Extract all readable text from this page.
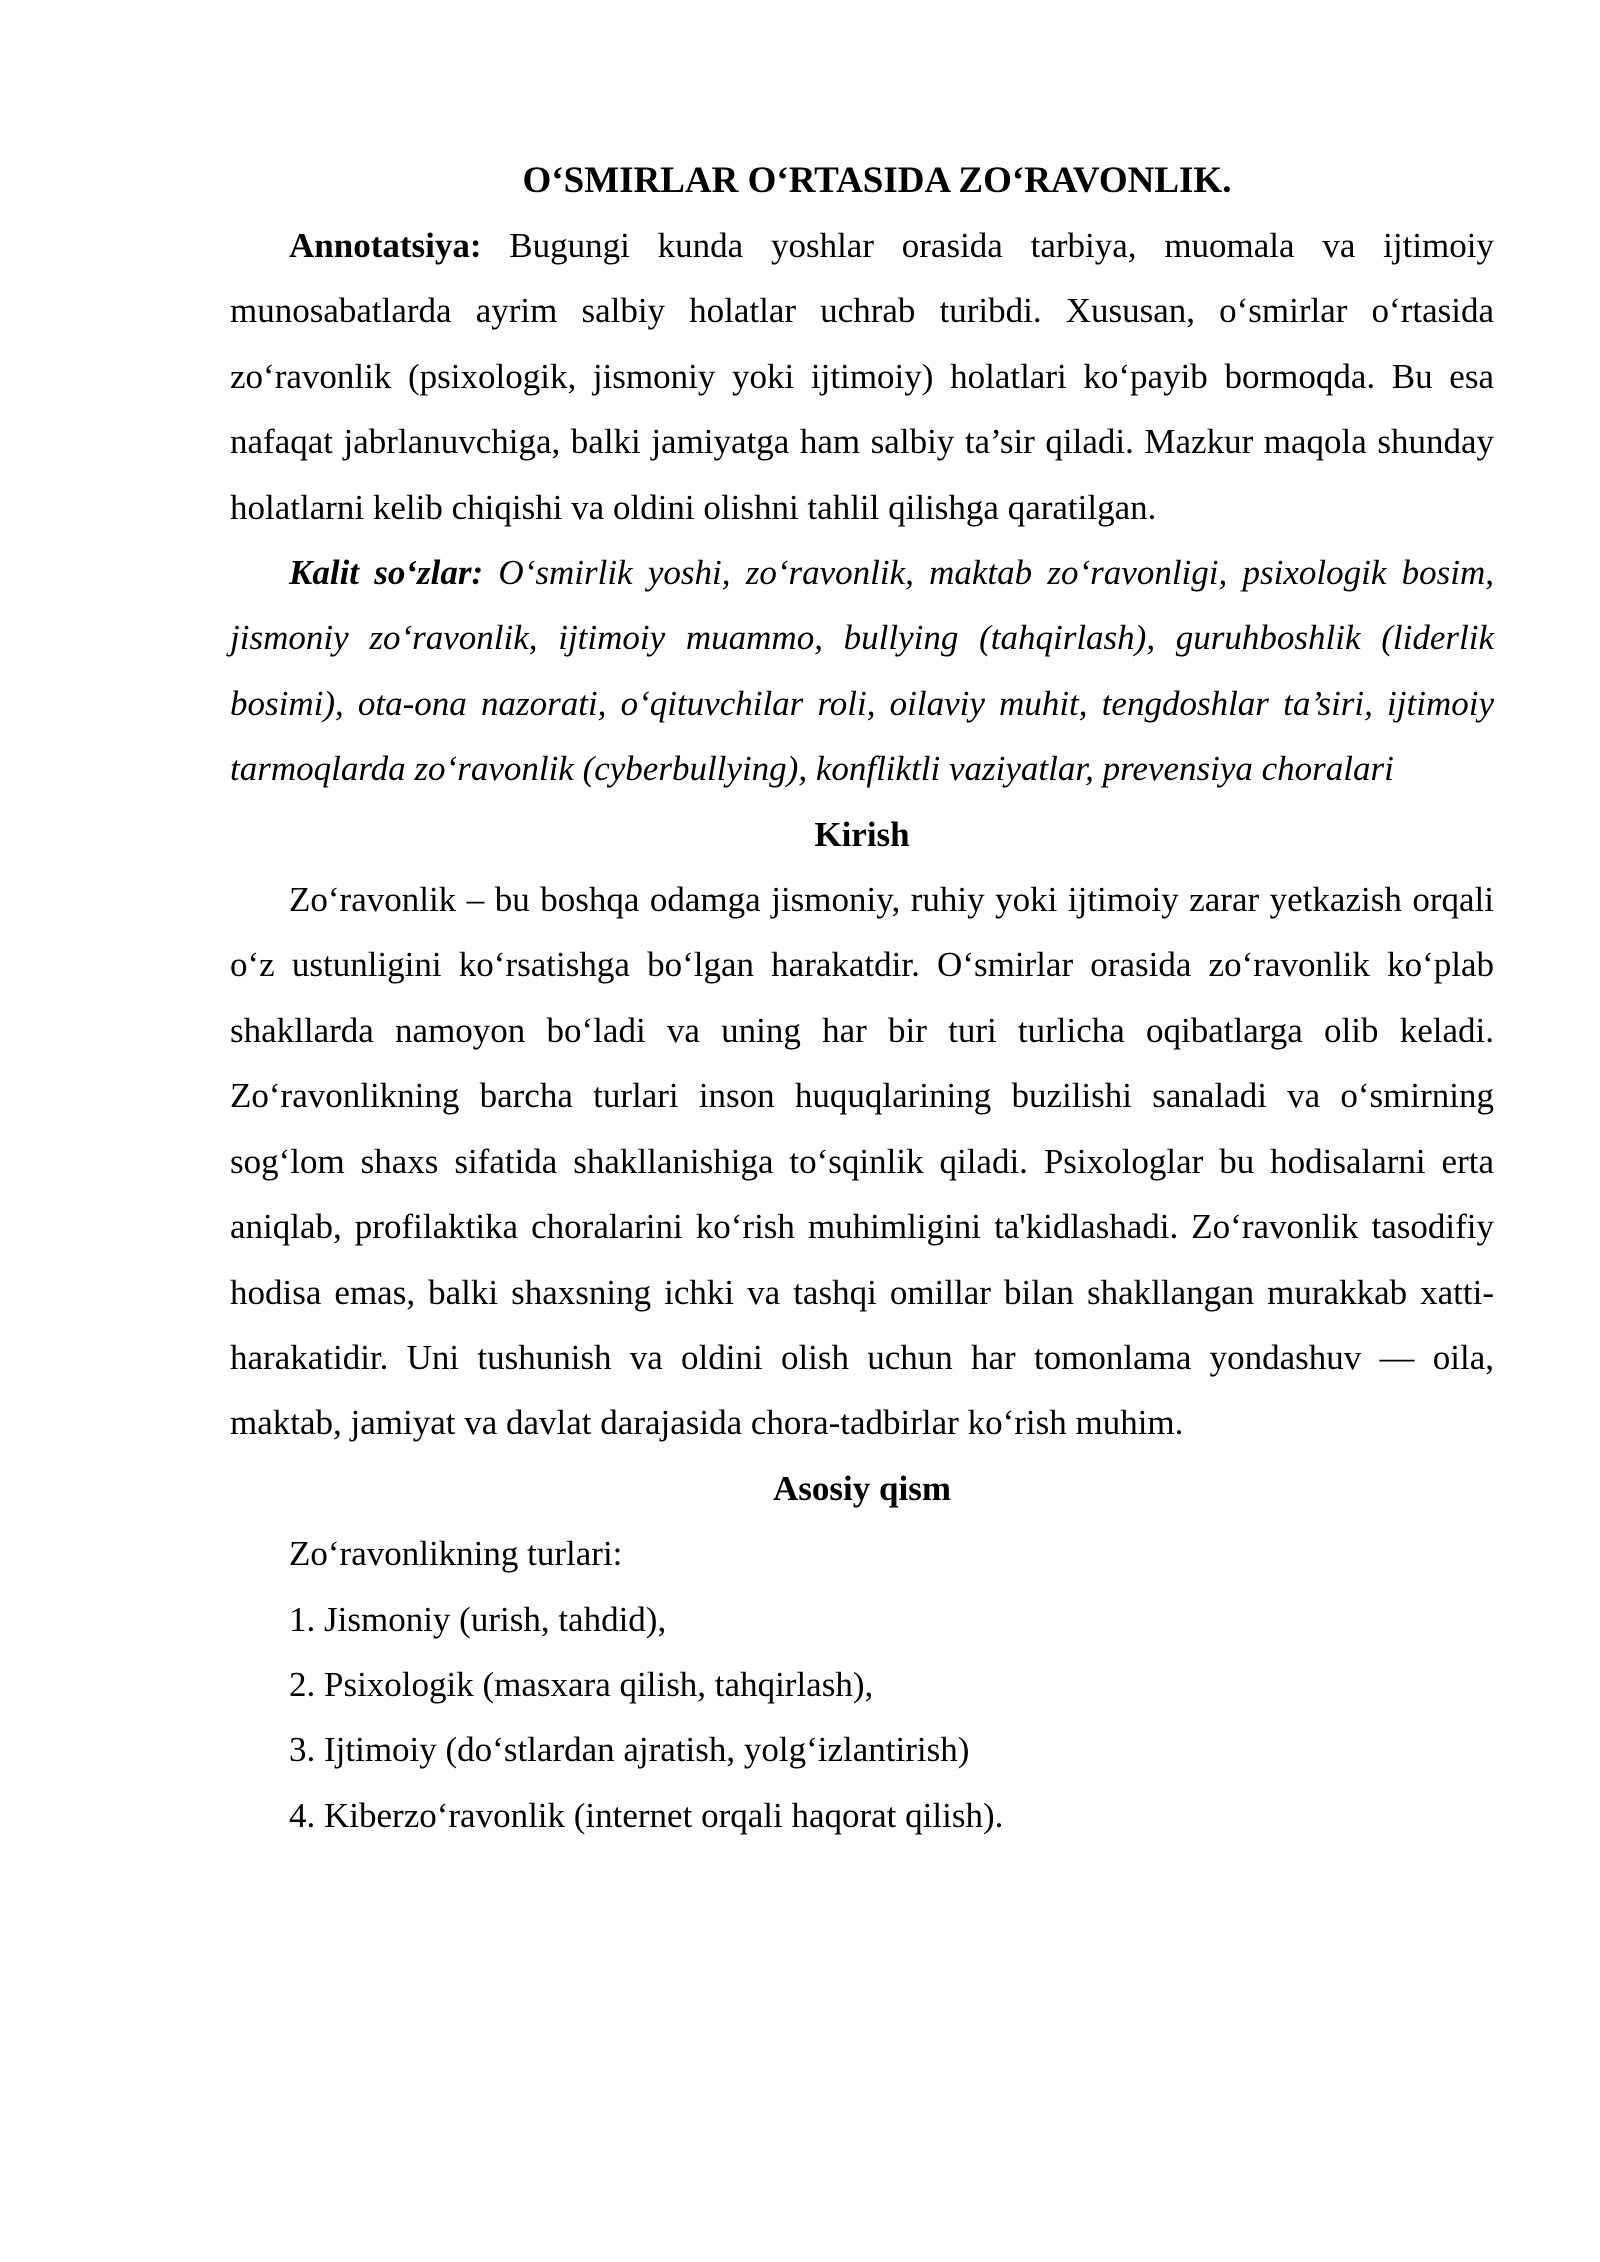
O‘SMIRLAR O‘RTASIDA ZO‘RAVONLIK.

Annotatsiya: Bugungi kunda yoshlar orasida tarbiya, muomala va ijtimoiy munosabatlarda ayrim salbiy holatlar uchrab turibdi. Xususan, o‘smirlar o‘rtasida zo‘ravonlik (psixologik, jismoniy yoki ijtimoiy) holatlari ko‘payib bormoqda. Bu esa nafaqat jabrlanuvchiga, balki jamiyatga ham salbiy ta’sir qiladi. Mazkur maqola shunday holatlarni kelib chiqishi va oldini olishni tahlil qilishga qaratilgan.

Kalit so‘zlar: O‘smirlik yoshi, zo‘ravonlik, maktab zo‘ravonligi, psixologik bosim, jismoniy zo‘ravonlik, ijtimoiy muammo, bullying (tahqirlash), guruhboshlik (liderlik bosimi), ota-ona nazorati, o‘qituvchilar roli, oilaviy muhit, tengdoshlar ta’siri, ijtimoiy tarmoqlarda zo‘ravonlik (cyberbullying), konfliktli vaziyatlar, prevensiya choralari

Kirish

Zo‘ravonlik – bu boshqa odamga jismoniy, ruhiy yoki ijtimoiy zarar yetkazish orqali o‘z ustunligini ko‘rsatishga bo‘lgan harakatdir. O‘smirlar orasida zo‘ravonlik ko‘plab shakllarda namoyon bo‘ladi va uning har bir turi turlicha oqibatlarga olib keladi. Zo‘ravonlikning barcha turlari inson huquqlarining buzilishi sanaladi va o‘smirning sog‘lom shaxs sifatida shakllanishiga to‘sqinlik qiladi. Psixologlar bu hodisalarni erta aniqlab, profilaktika choralarini ko‘rish muhimligini ta'kidlashadi. Zo‘ravonlik tasodifiy hodisa emas, balki shaxsning ichki va tashqi omillar bilan shakllangan murakkab xatti-harakatidir. Uni tushunish va oldini olish uchun har tomonlama yondashuv — oila, maktab, jamiyat va davlat darajasida chora-tadbirlar ko‘rish muhim.

Asosiy qism
Zo‘ravonlikning turlari:
1. Jismoniy (urish, tahdid),
2. Psixologik (masxara qilish, tahqirlash),
3. Ijtimoiy (do‘stlardan ajratish, yolg‘izlantirish)
4. Kiberzo‘ravonlik (internet orqali haqorat qilish).
